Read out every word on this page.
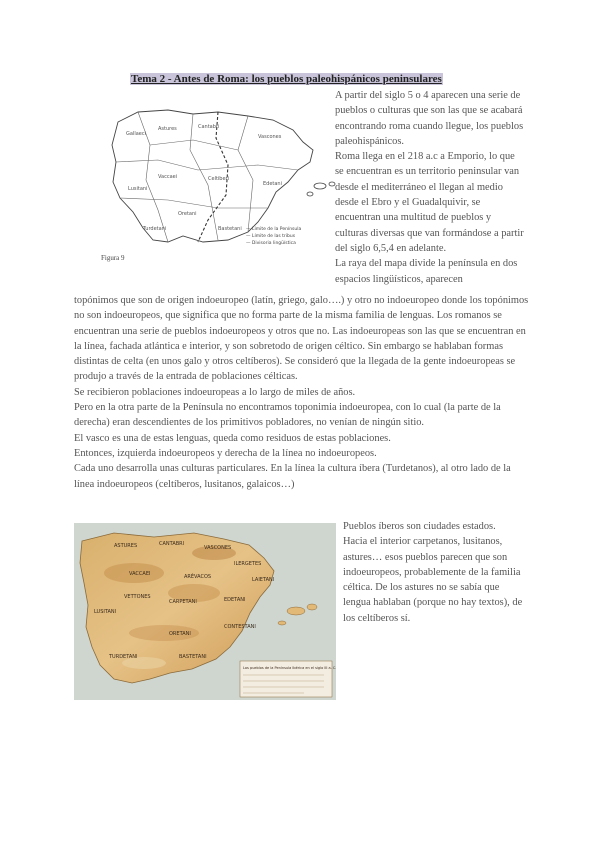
Tema 2 - Antes de Roma: los pueblos paleohispánicos peninsulares
Gallaeci
Astures	Cantabri
Vascones
Vaccaei	Celtiberi
Edetani
Lusitani
Oretani
Turdetani	Bastetani — Límite de la Península
— Límite de las tribus
— Divisoria lingüística
Figura 9

A partir del siglo 5 o 4 aparecen una serie de pueblos o culturas que son las que se acabará encontrando roma cuando llegue, los pueblos paleohispánicos.

Roma llega en el 218 a.c a Emporio, lo que se encuentran es un territorio peninsular van desde el mediterráneo el llegan al medio desde el Ebro y el Guadalquivir, se encuentran una multitud de pueblos y culturas diversas que van formándose a partir del siglo 6,5,4 en adelante.

La raya del mapa divide la península en dos espacios lingüísticos, aparecen

topónimos que son de origen indoeuropeo (latín, griego, galo….) y otro no indoeuropeo donde los topónimos no son indoeuropeos, que significa que no forma parte de la misma familia de lenguas. Los romanos se encuentran una serie de pueblos indoeuropeos y otros que no. Las indoeuropeas son las que se encuentran en la línea, fachada atlántica e interior, y son sobretodo de origen céltico. Sin embargo se hablaban formas distintas de celta (en unos galo y otros celtíberos). Se consideró que la llegada de la gente indoeuropeas se produjo a través de la entrada de poblaciones célticas.

Se recibieron poblaciones indoeuropeas a lo largo de miles de años.

Pero en la otra parte de la Península no encontramos toponimia indoeuropea, con lo cual (la parte de la derecha) eran descendientes de los primitivos pobladores, no venían de ningún sitio.

El vasco es una de estas lenguas, queda como residuos de estas poblaciones.

Entonces, izquierda indoeuropeos y derecha de la línea no indoeuropeos.

Cada uno desarrolla unas culturas particulares. En la línea la cultura íbera (Turdetanos), al otro lado de la línea indoeuropeos (celtíberos, lusitanos, galaicos…)

ASTURES	CANTABRI
VASCONES
VACCAEI	ARÉVACOS
CARPETANI
LUSITANI
VETTONES
ORETANI
TURDETANI	BASTETANI
CONTESTANI
EDETANI
ILERGETES
LAIETANI
Los pueblos de la Península Ibérica en el siglo III a. C.

Pueblos íberos son ciudades estados.

Hacia el interior carpetanos, lusitanos, astures… esos pueblos parecen que son indoeuropeos, probablemente de la familia céltica. De los astures no se sabía que lengua hablaban (porque no hay textos), de los celtíberos sí.
